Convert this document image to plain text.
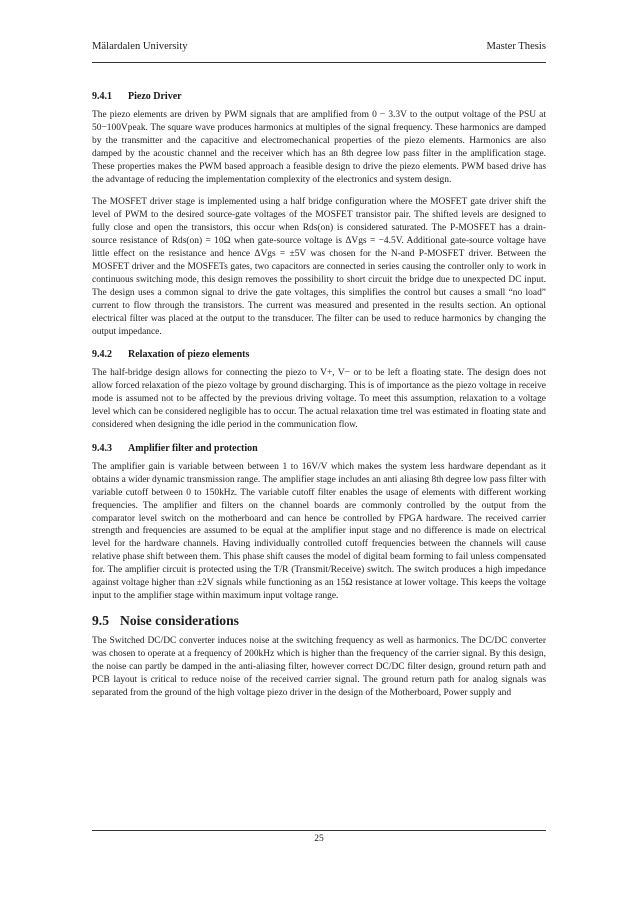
Mälardalen University	Master Thesis
9.4.1 Piezo Driver

The piezo elements are driven by PWM signals that are amplified from 0 − 3.3V to the output voltage of the PSU at 50−100Vpeak. The square wave produces harmonics at multiples of the signal frequency. These harmonics are damped by the transmitter and the capacitive and electromechanical properties of the piezo elements. Harmonics are also damped by the acoustic channel and the receiver which has an 8th degree low pass filter in the amplification stage. These properties makes the PWM based approach a feasible design to drive the piezo elements. PWM based drive has the advantage of reducing the implementation complexity of the electronics and system design.

The MOSFET driver stage is implemented using a half bridge configuration where the MOSFET gate driver shift the level of PWM to the desired source-gate voltages of the MOSFET transistor pair. The shifted levels are designed to fully close and open the transistors, this occur when Rds(on) is considered saturated. The P-MOSFET has a drain-source resistance of Rds(on) = 10Ω when gate-source voltage is ΔVgs = −4.5V. Additional gate-source voltage have little effect on the resistance and hence ΔVgs = ±5V was chosen for the N-and P-MOSFET driver. Between the MOSFET driver and the MOSFETs gates, two capacitors are connected in series causing the controller only to work in continuous switching mode, this design removes the possibility to short circuit the bridge due to unexpected DC input. The design uses a common signal to drive the gate voltages, this simplifies the control but causes a small “no load” current to flow through the transistors. The current was measured and presented in the results section. An optional electrical filter was placed at the output to the transducer. The filter can be used to reduce harmonics by changing the output impedance.

9.4.2 Relaxation of piezo elements

The half-bridge design allows for connecting the piezo to V+, V− or to be left a floating state. The design does not allow forced relaxation of the piezo voltage by ground discharging. This is of importance as the piezo voltage in receive mode is assumed not to be affected by the previous driving voltage. To meet this assumption, relaxation to a voltage level which can be considered negligible has to occur. The actual relaxation time trel was estimated in floating state and considered when designing the idle period in the communication flow.

9.4.3 Amplifier filter and protection

The amplifier gain is variable between between 1 to 16V/V which makes the system less hardware dependant as it obtains a wider dynamic transmission range. The amplifier stage includes an anti aliasing 8th degree low pass filter with variable cutoff between 0 to 150kHz. The variable cutoff filter enables the usage of elements with different working frequencies. The amplifier and filters on the channel boards are commonly controlled by the output from the comparator level switch on the motherboard and can hence be controlled by FPGA hardware. The received carrier strength and frequencies are assumed to be equal at the amplifier input stage and no difference is made on electrical level for the hardware channels. Having individually controlled cutoff frequencies between the channels will cause relative phase shift between them. This phase shift causes the model of digital beam forming to fail unless compensated for. The amplifier circuit is protected using the T/R (Transmit/Receive) switch. The switch produces a high impedance against voltage higher than ±2V signals while functioning as an 15Ω resistance at lower voltage. This keeps the voltage input to the amplifier stage within maximum input voltage range.

9.5 Noise considerations

The Switched DC/DC converter induces noise at the switching frequency as well as harmonics. The DC/DC converter was chosen to operate at a frequency of 200kHz which is higher than the frequency of the carrier signal. By this design, the noise can partly be damped in the anti-aliasing filter, however correct DC/DC filter design, ground return path and PCB layout is critical to reduce noise of the received carrier signal. The ground return path for analog signals was separated from the ground of the high voltage piezo driver in the design of the Motherboard, Power supply and

25
